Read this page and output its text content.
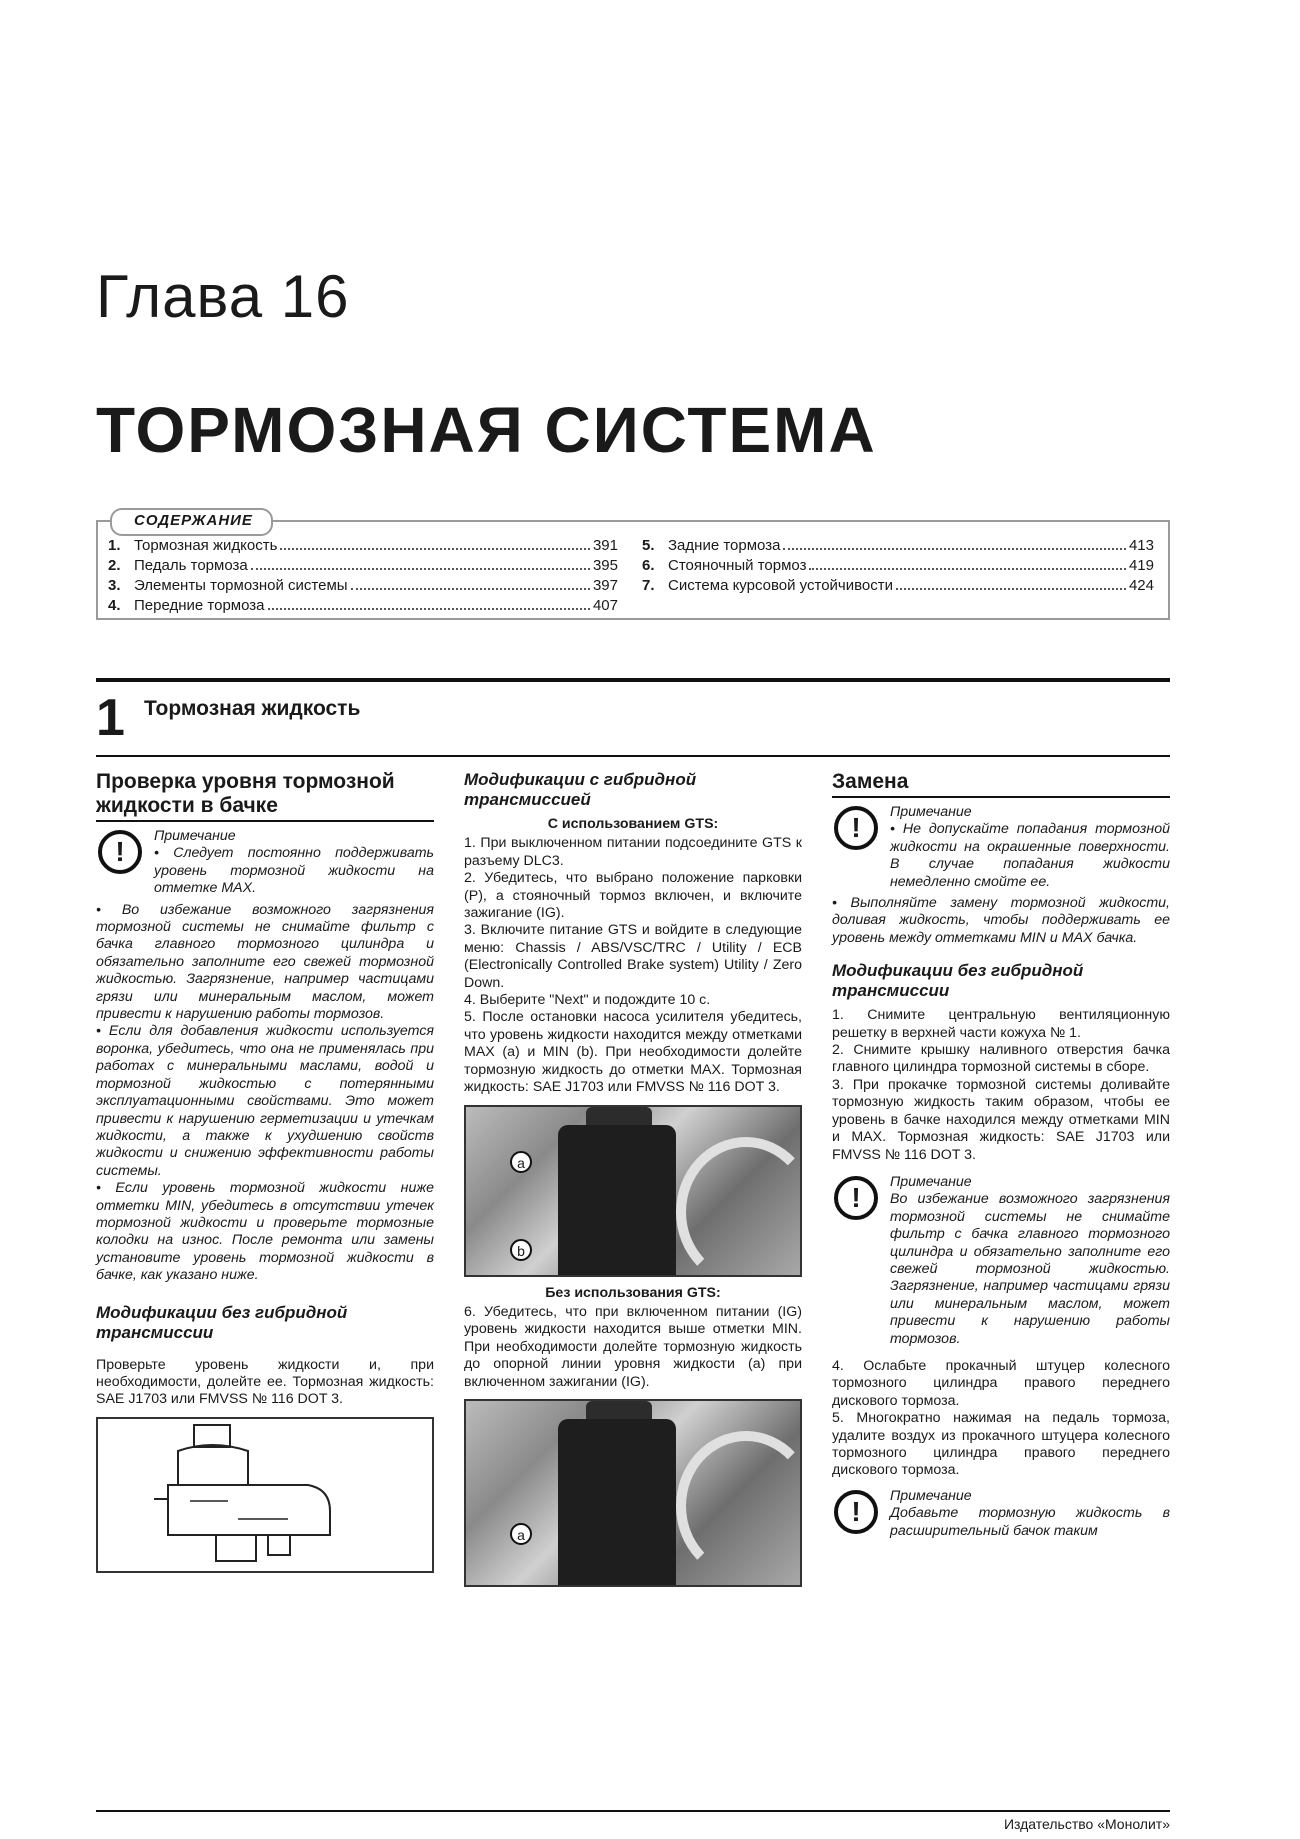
Глава 16
ТОРМОЗНАЯ СИСТЕМА
СОДЕРЖАНИЕ
1. Тормозная жидкость	391
2. Педаль тормоза	395
3. Элементы тормозной системы	397
4. Передние тормоза	407
5. Задние тормоза	413
6. Стояночный тормоз	419
7. Система курсовой устойчивости	424
1 Тормозная жидкость
Проверка уровня тормозной жидкости в бачке
!	Примечание

• Следует постоянно поддерживать уровень тормозной жидкости на отметке MAX.

• Во избежание возможного загрязнения тормозной системы не снимайте фильтр с бачка главного тормозного цилиндра и обязательно заполните его свежей тормозной жидкостью. Загрязнение, например частицами грязи или минеральным маслом, может привести к нарушению работы тормозов.

• Если для добавления жидкости используется воронка, убедитесь, что она не применялась при работах с минеральными маслами, водой и тормозной жидкостью с потерянными эксплуатационными свойствами. Это может привести к нарушению герметизации и утечкам жидкости, а также к ухудшению свойств жидкости и снижению эффективности работы системы.

• Если уровень тормозной жидкости ниже отметки MIN, убедитесь в отсутствии утечек тормозной жидкости и проверьте тормозные колодки на износ. После ремонта или замены установите уровень тормозной жидкости в бачке, как указано ниже.

Модификации без гибридной трансмиссии

Проверьте уровень жидкости и, при необходимости, долейте ее. Тормозная жидкость: SAE J1703 или FMVSS № 116 DOT 3.

Модификации с гибридной трансмиссией
С использованием GTS:

1. При выключенном питании подсоедините GTS к разъему DLC3.

2. Убедитесь, что выбрано положение парковки (P), а стояночный тормоз включен, и включите зажигание (IG).

3. Включите питание GTS и войдите в следующие меню: Chassis / ABS/VSC/TRC / Utility / ECB (Electronically Controlled Brake system) Utility / Zero Down.

4. Выберите "Next" и подождите 10 с.

5. После остановки насоса усилителя убедитесь, что уровень жидкости находится между отметками MAX (a) и MIN (b). При необходимости долейте тормозную жидкость до отметки MAX. Тормозная жидкость: SAE J1703 или FMVSS № 116 DOT 3.

a
b
Без использования GTS:

6. Убедитесь, что при включенном питании (IG) уровень жидкости находится выше отметки MIN. При необходимости долейте тормозную жидкость до опорной линии уровня жидкости (a) при включенном зажигании (IG).

a
Замена
!	Примечание

• Не допускайте попадания тормозной жидкости на окрашенные поверхности. В случае попадания жидкости немедленно смойте ее.

• Выполняйте замену тормозной жидкости, доливая жидкость, чтобы поддерживать ее уровень между отметками MIN и MAX бачка.

Модификации без гибридной трансмиссии

1. Снимите центральную вентиляционную решетку в верхней части кожуха № 1.

2. Снимите крышку наливного отверстия бачка главного цилиндра тормозной системы в сборе.

3. При прокачке тормозной системы доливайте тормозную жидкость таким образом, чтобы ее уровень в бачке находился между отметками MIN и MAX. Тормозная жидкость: SAE J1703 или FMVSS № 116 DOT 3.

!	Примечание

Во избежание возможного загрязнения тормозной системы не снимайте фильтр с бачка главного тормозного цилиндра и обязательно заполните его свежей тормозной жидкостью. Загрязнение, например частицами грязи или минеральным маслом, может привести к нарушению работы тормозов.

4. Ослабьте прокачный штуцер колесного тормозного цилиндра правого переднего дискового тормоза.

5. Многократно нажимая на педаль тормоза, удалите воздух из прокачного штуцера колесного тормозного цилиндра правого переднего дискового тормоза.

!	Примечание

Добавьте тормозную жидкость в расширительный бачок таким

Издательство «Монолит»
